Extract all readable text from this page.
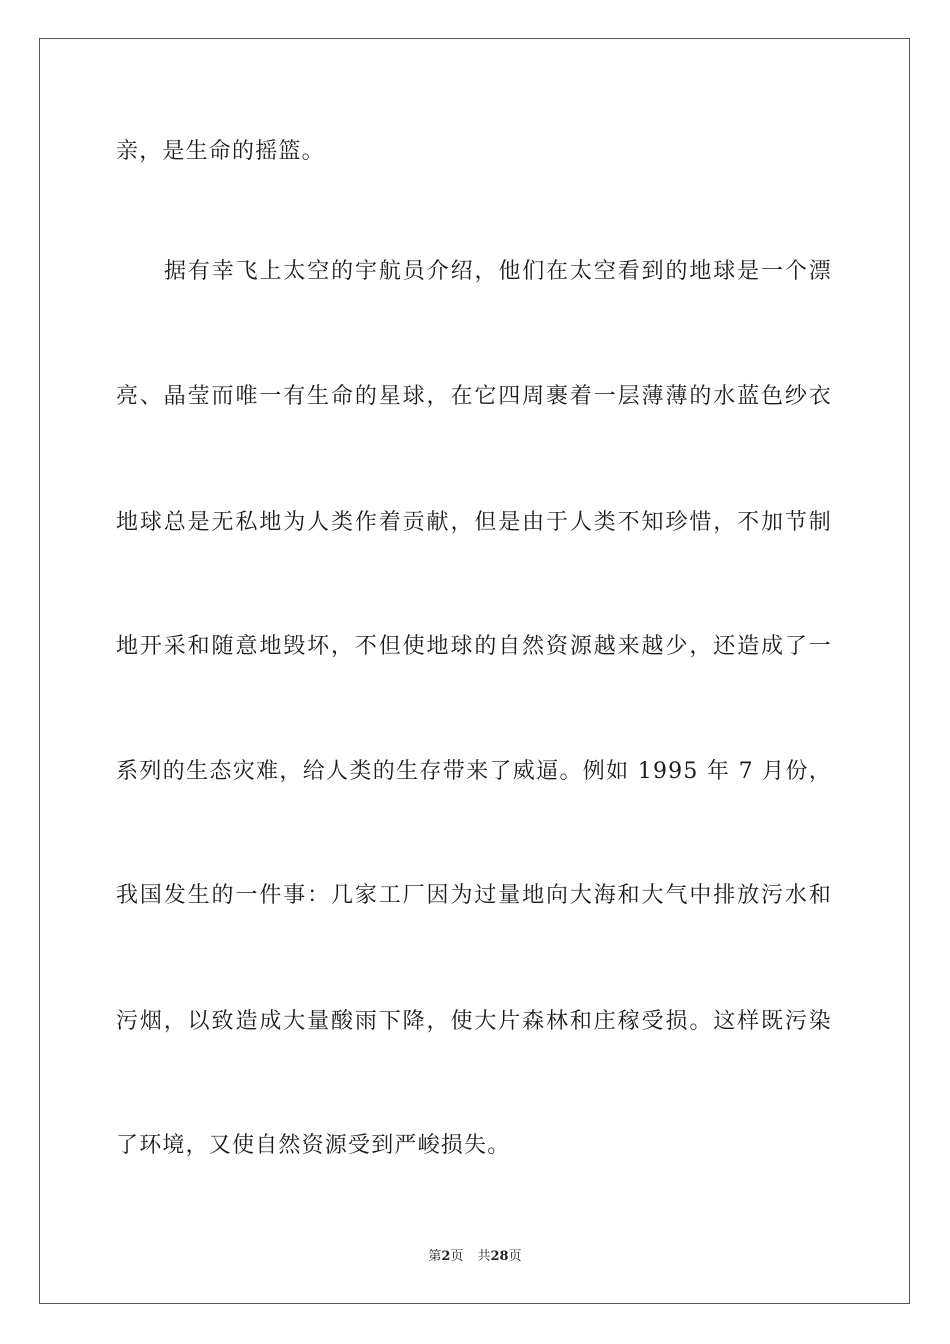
亲，是生命的摇篮。
据有幸飞上太空的宇航员介绍，他们在太空看到的地球是一个漂
亮、晶莹而唯一有生命的星球，在它四周裹着一层薄薄的水蓝色纱衣
地球总是无私地为人类作着贡献，但是由于人类不知珍惜，不加节制
地开采和随意地毁坏，不但使地球的自然资源越来越少，还造成了一
系列的生态灾难，给人类的生存带来了威逼。例如 1995 年 7 月份，
我国发生的一件事：几家工厂因为过量地向大海和大气中排放污水和
污烟，以致造成大量酸雨下降，使大片森林和庄稼受损。这样既污染
了环境，又使自然资源受到严峻损失。
第2页 共28页
